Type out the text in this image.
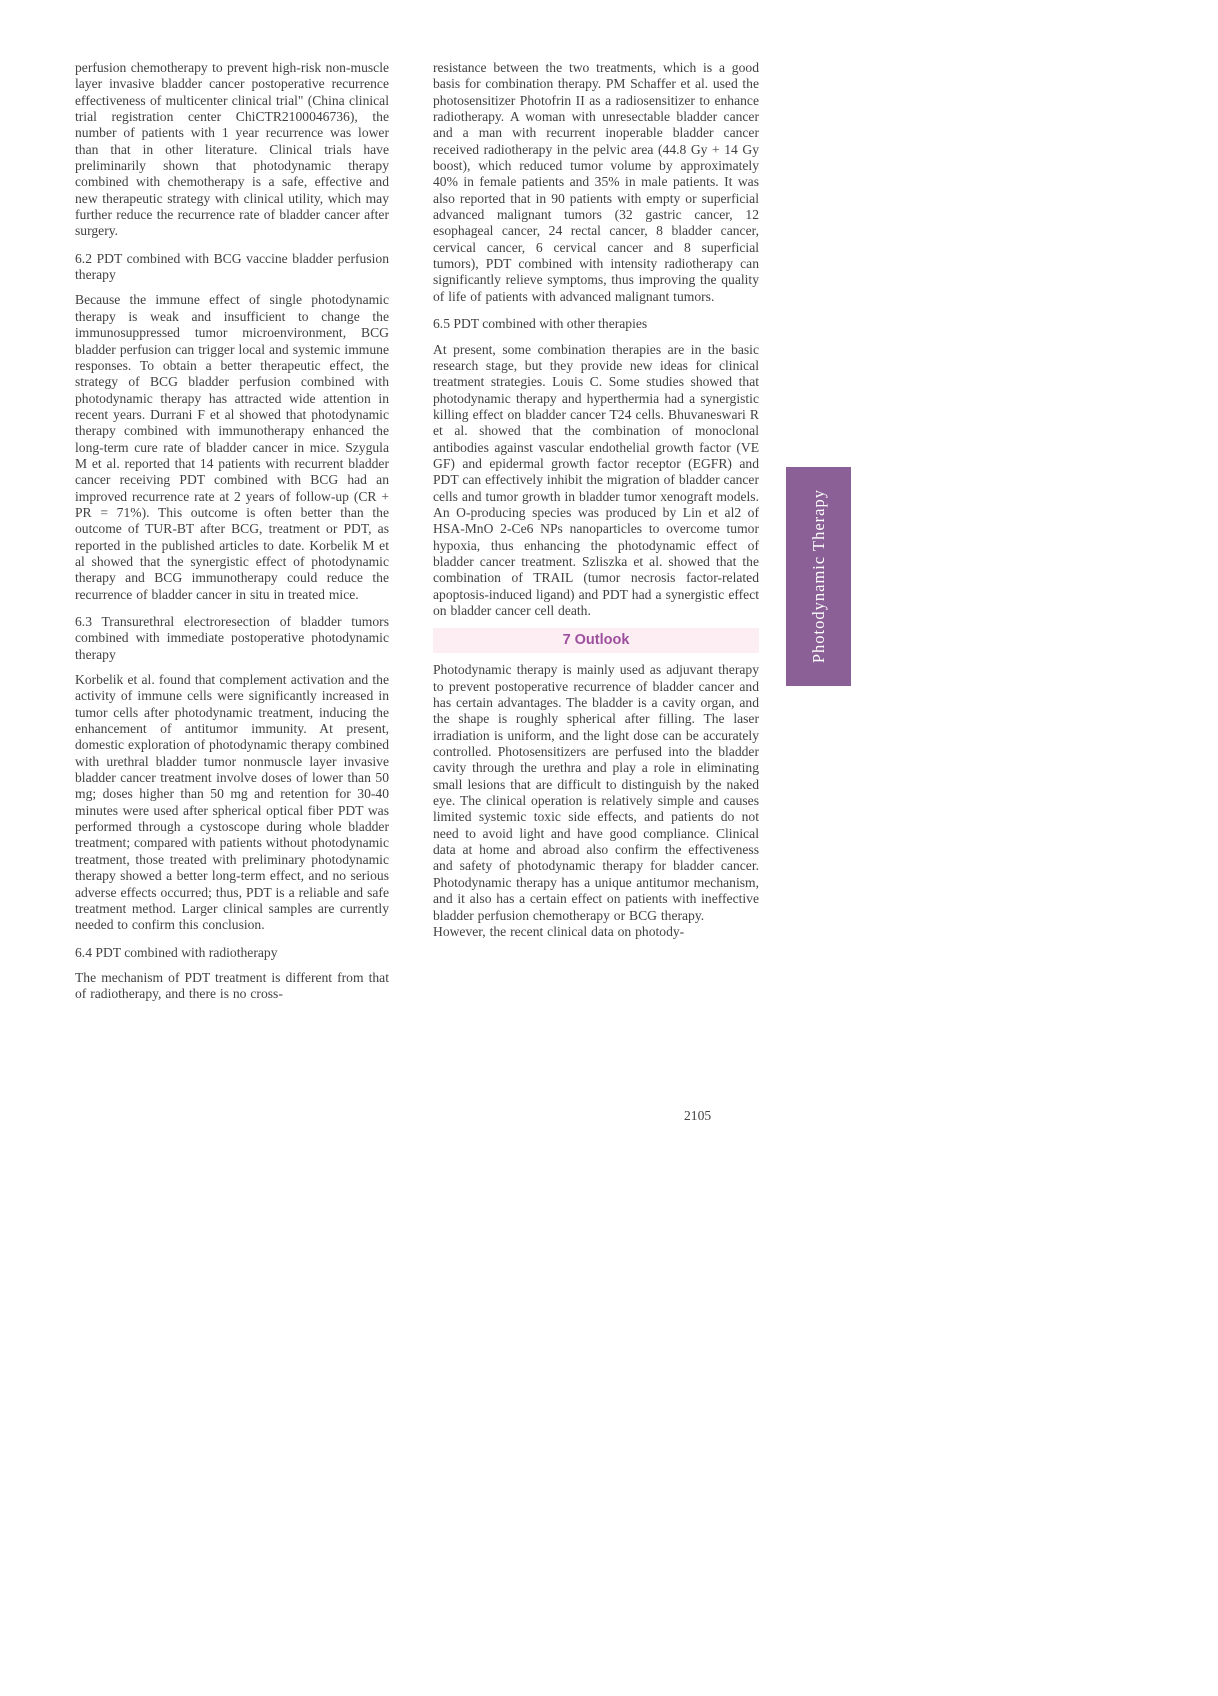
perfusion chemotherapy to prevent high-risk non-muscle layer invasive bladder cancer postoperative recurrence effectiveness of multicenter clinical trial" (China clinical trial registration center ChiCTR2100046736), the number of patients with 1 year recurrence was lower than that in other literature. Clinical trials have preliminarily shown that photodynamic therapy combined with chemotherapy is a safe, effective and new therapeutic strategy with clinical utility, which may further reduce the recurrence rate of bladder cancer after surgery.

6.2 PDT combined with BCG vaccine bladder perfusion therapy

Because the immune effect of single photodynamic therapy is weak and insufficient to change the immunosuppressed tumor microenvironment, BCG bladder perfusion can trigger local and systemic immune responses. To obtain a better therapeutic effect, the strategy of BCG bladder perfusion combined with photodynamic therapy has attracted wide attention in recent years. Durrani F et al showed that photodynamic therapy combined with immunotherapy enhanced the long-term cure rate of bladder cancer in mice. Szygula M et al. reported that 14 patients with recurrent bladder cancer receiving PDT combined with BCG had an improved recurrence rate at 2 years of follow-up (CR + PR = 71%). This outcome is often better than the outcome of TUR-BT after BCG, treatment or PDT, as reported in the published articles to date. Korbelik M et al showed that the synergistic effect of photodynamic therapy and BCG immunotherapy could reduce the recurrence of bladder cancer in situ in treated mice.

6.3 Transurethral electroresection of bladder tumors combined with immediate postoperative photodynamic therapy

Korbelik et al. found that complement activation and the activity of immune cells were significantly increased in tumor cells after photodynamic treatment, inducing the enhancement of antitumor immunity. At present, domestic exploration of photodynamic therapy combined with urethral bladder tumor nonmuscle layer invasive bladder cancer treatment involve doses of lower than 50 mg; doses higher than 50 mg and retention for 30-40 minutes were used after spherical optical fiber PDT was performed through a cystoscope during whole bladder treatment; compared with patients without photodynamic treatment, those treated with preliminary photodynamic therapy showed a better long-term effect, and no serious adverse effects occurred; thus, PDT is a reliable and safe treatment method. Larger clinical samples are currently needed to confirm this conclusion.

6.4 PDT combined with radiotherapy

The mechanism of PDT treatment is different from that of radiotherapy, and there is no cross-

resistance between the two treatments, which is a good basis for combination therapy. PM Schaffer et al. used the photosensitizer Photofrin II as a radiosensitizer to enhance radiotherapy. A woman with unresectable bladder cancer and a man with recurrent inoperable bladder cancer received radiotherapy in the pelvic area (44.8 Gy + 14 Gy boost), which reduced tumor volume by approximately 40% in female patients and 35% in male patients. It was also reported that in 90 patients with empty or superficial advanced malignant tumors (32 gastric cancer, 12 esophageal cancer, 24 rectal cancer, 8 bladder cancer, cervical cancer, 6 cervical cancer and 8 superficial tumors), PDT combined with intensity radiotherapy can significantly relieve symptoms, thus improving the quality of life of patients with advanced malignant tumors.

6.5 PDT combined with other therapies

At present, some combination therapies are in the basic research stage, but they provide new ideas for clinical treatment strategies. Louis C. Some studies showed that photodynamic therapy and hyperthermia had a synergistic killing effect on bladder cancer T24 cells. Bhuvaneswari R et al. showed that the combination of monoclonal antibodies against vascular endothelial growth factor (VE GF) and epidermal growth factor receptor (EGFR) and PDT can effectively inhibit the migration of bladder cancer cells and tumor growth in bladder tumor xenograft models. An O-producing species was produced by Lin et al2 of HSA-MnO 2-Ce6 NPs nanoparticles to overcome tumor hypoxia, thus enhancing the photodynamic effect of bladder cancer treatment. Szliszka et al. showed that the combination of TRAIL (tumor necrosis factor-related apoptosis-induced ligand) and PDT had a synergistic effect on bladder cancer cell death.

7 Outlook

Photodynamic therapy is mainly used as adjuvant therapy to prevent postoperative recurrence of bladder cancer and has certain advantages. The bladder is a cavity organ, and the shape is roughly spherical after filling. The laser irradiation is uniform, and the light dose can be accurately controlled. Photosensitizers are perfused into the bladder cavity through the urethra and play a role in eliminating small lesions that are difficult to distinguish by the naked eye. The clinical operation is relatively simple and causes limited systemic toxic side effects, and patients do not need to avoid light and have good compliance. Clinical data at home and abroad also confirm the effectiveness and safety of photodynamic therapy for bladder cancer. Photodynamic therapy has a unique antitumor mechanism, and it also has a certain effect on patients with ineffective bladder perfusion chemotherapy or BCG therapy.

However, the recent clinical data on photody-

Photodynamic Therapy
2105
